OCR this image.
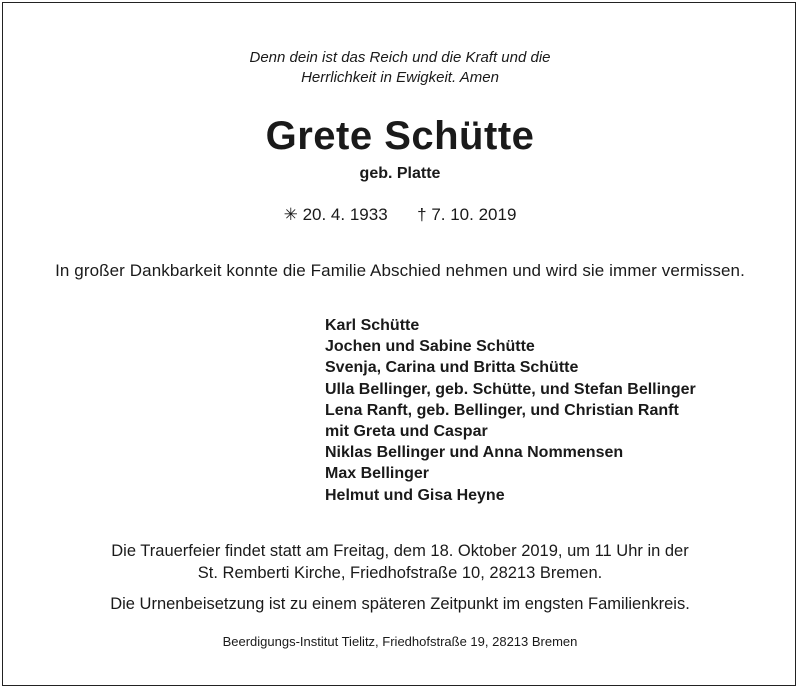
Denn dein ist das Reich und die Kraft und die
Herrlichkeit in Ewigkeit. Amen
Grete Schütte
geb. Platte
✳ 20. 4. 1933 † 7. 10. 2019
In großer Dankbarkeit konnte die Familie Abschied nehmen und wird sie immer vermissen.
Karl Schütte
Jochen und Sabine Schütte
Svenja, Carina und Britta Schütte
Ulla Bellinger, geb. Schütte, und Stefan Bellinger
Lena Ranft, geb. Bellinger, und Christian Ranft
mit Greta und Caspar
Niklas Bellinger und Anna Nommensen
Max Bellinger
Helmut und Gisa Heyne
Die Trauerfeier findet statt am Freitag, dem 18. Oktober 2019, um 11 Uhr in der
St. Remberti Kirche, Friedhofstraße 10, 28213 Bremen.
Die Urnenbeisetzung ist zu einem späteren Zeitpunkt im engsten Familienkreis.
Beerdigungs-Institut Tielitz, Friedhofstraße 19, 28213 Bremen
